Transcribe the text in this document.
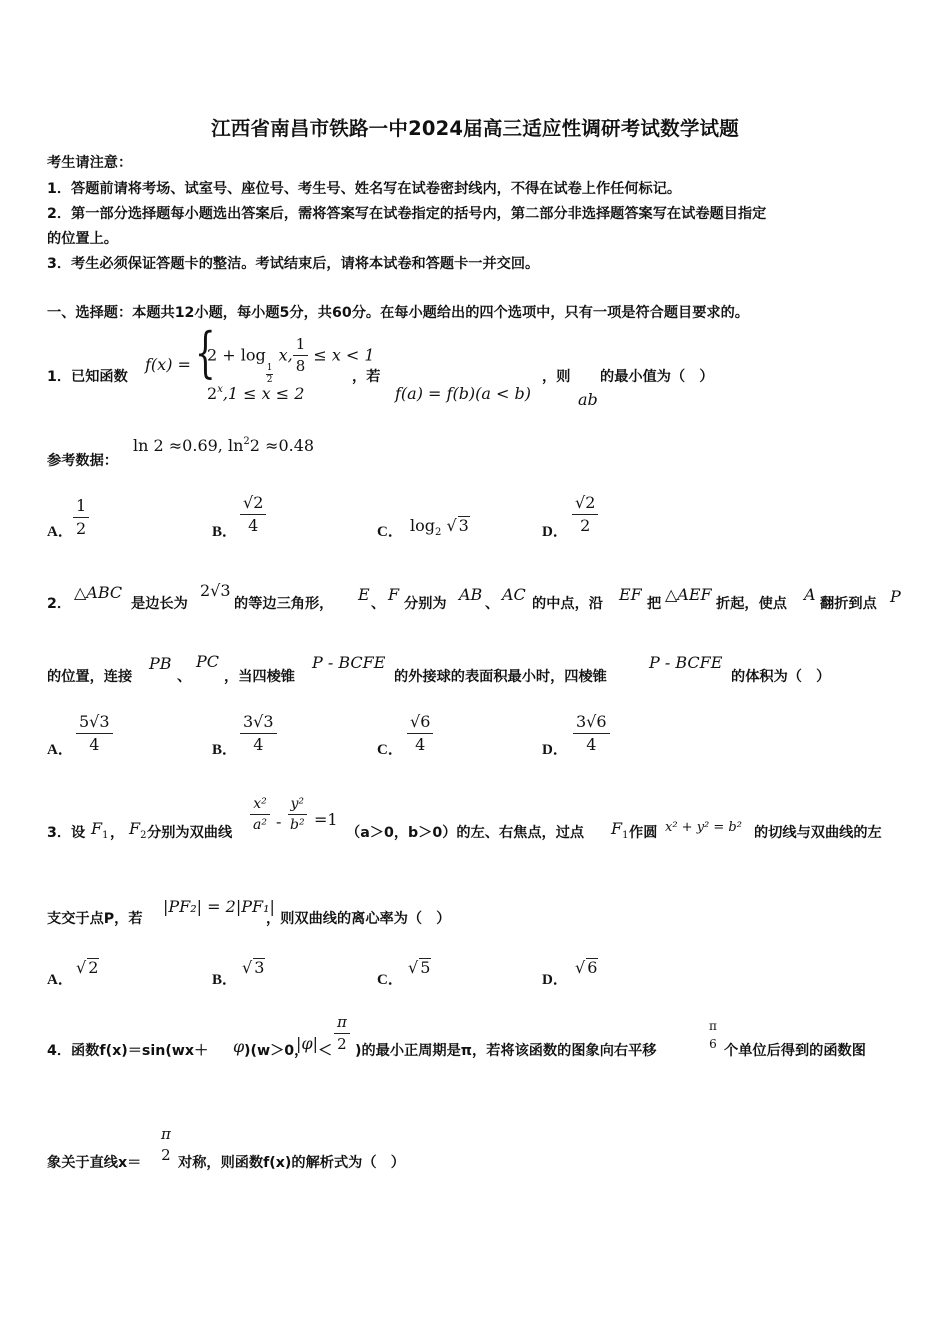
江西省南昌市铁路一中2024届高三适应性调研考试数学试题
考生请注意：
1．答题前请将考场、试室号、座位号、考生号、姓名写在试卷密封线内，不得在试卷上作任何标记。
2．第一部分选择题每小题选出答案后，需将答案写在试卷指定的括号内，第二部分非选择题答案写在试卷题目指定
的位置上。
3．考生必须保证答题卡的整洁。考试结束后，请将本试卷和答题卡一并交回。
一、选择题：本题共12小题，每小题5分，共60分。在每小题给出的四个选项中，只有一项是符合题目要求的。
1．已知函数
f(x) = {
2 + log
$\frac{1}{2}$
x, $\frac{1}{8} \le x < 1$
$2^x,1 \le x \le 2$
，若
f(a) = f(b)(a < b)
，则
ab
的最小值为（　）
参考数据：
ln 2 ≈0.69, $\ln^22 \approx 0.48$
A． $\frac{1}{2}$	B． $\frac{√2}{4}$	C． $\log_2$ √ 3	D． $\frac{√2}{2}$
2．
△ABC
是边长为
2√3
的等边三角形， E 、 F 分别为 AB 、 AC 的中点，沿 EF 把 △AEF 折起，使点 A 翻折到点 P
的位置，连接
PB
、
PC
，当四棱锥
P - BCFE
的外接球的表面积最小时，四棱锥
P - BCFE
的体积为（　）
A． $\frac{5√3}{4}$	B． $\frac{3√3}{4}$	C． $\frac{√6}{4}$	D． $\frac{3√6}{4}$
3．设 $F_1$ ， $F_2$ 分别为双曲线 $\frac{\text{x²}}{\text{a²}} - \frac{\text{y²}}{\text{b²}} =1$
（a＞0，b＞0）的左、右焦点，过点 $F_1$ 作圆 x² + y² = b² 的切线与双曲线的左
支交于点P，若
|PF₂| = 2|PF₁|
，则双曲线的离心率为（　）
A．
√ 2
B．
√ 3
C．
√ 5
D．
√ 6
4．函数f(x)＝sin(wx＋ φ )(w＞0，
$|\varphi| < \frac{\pi}{2}$ )的最小正周期是π，若将该函数的图象向右平移
π
6 个单位后得到的函数图
象关于直线x＝
π
2 对称，则函数f(x)的解析式为（　）
